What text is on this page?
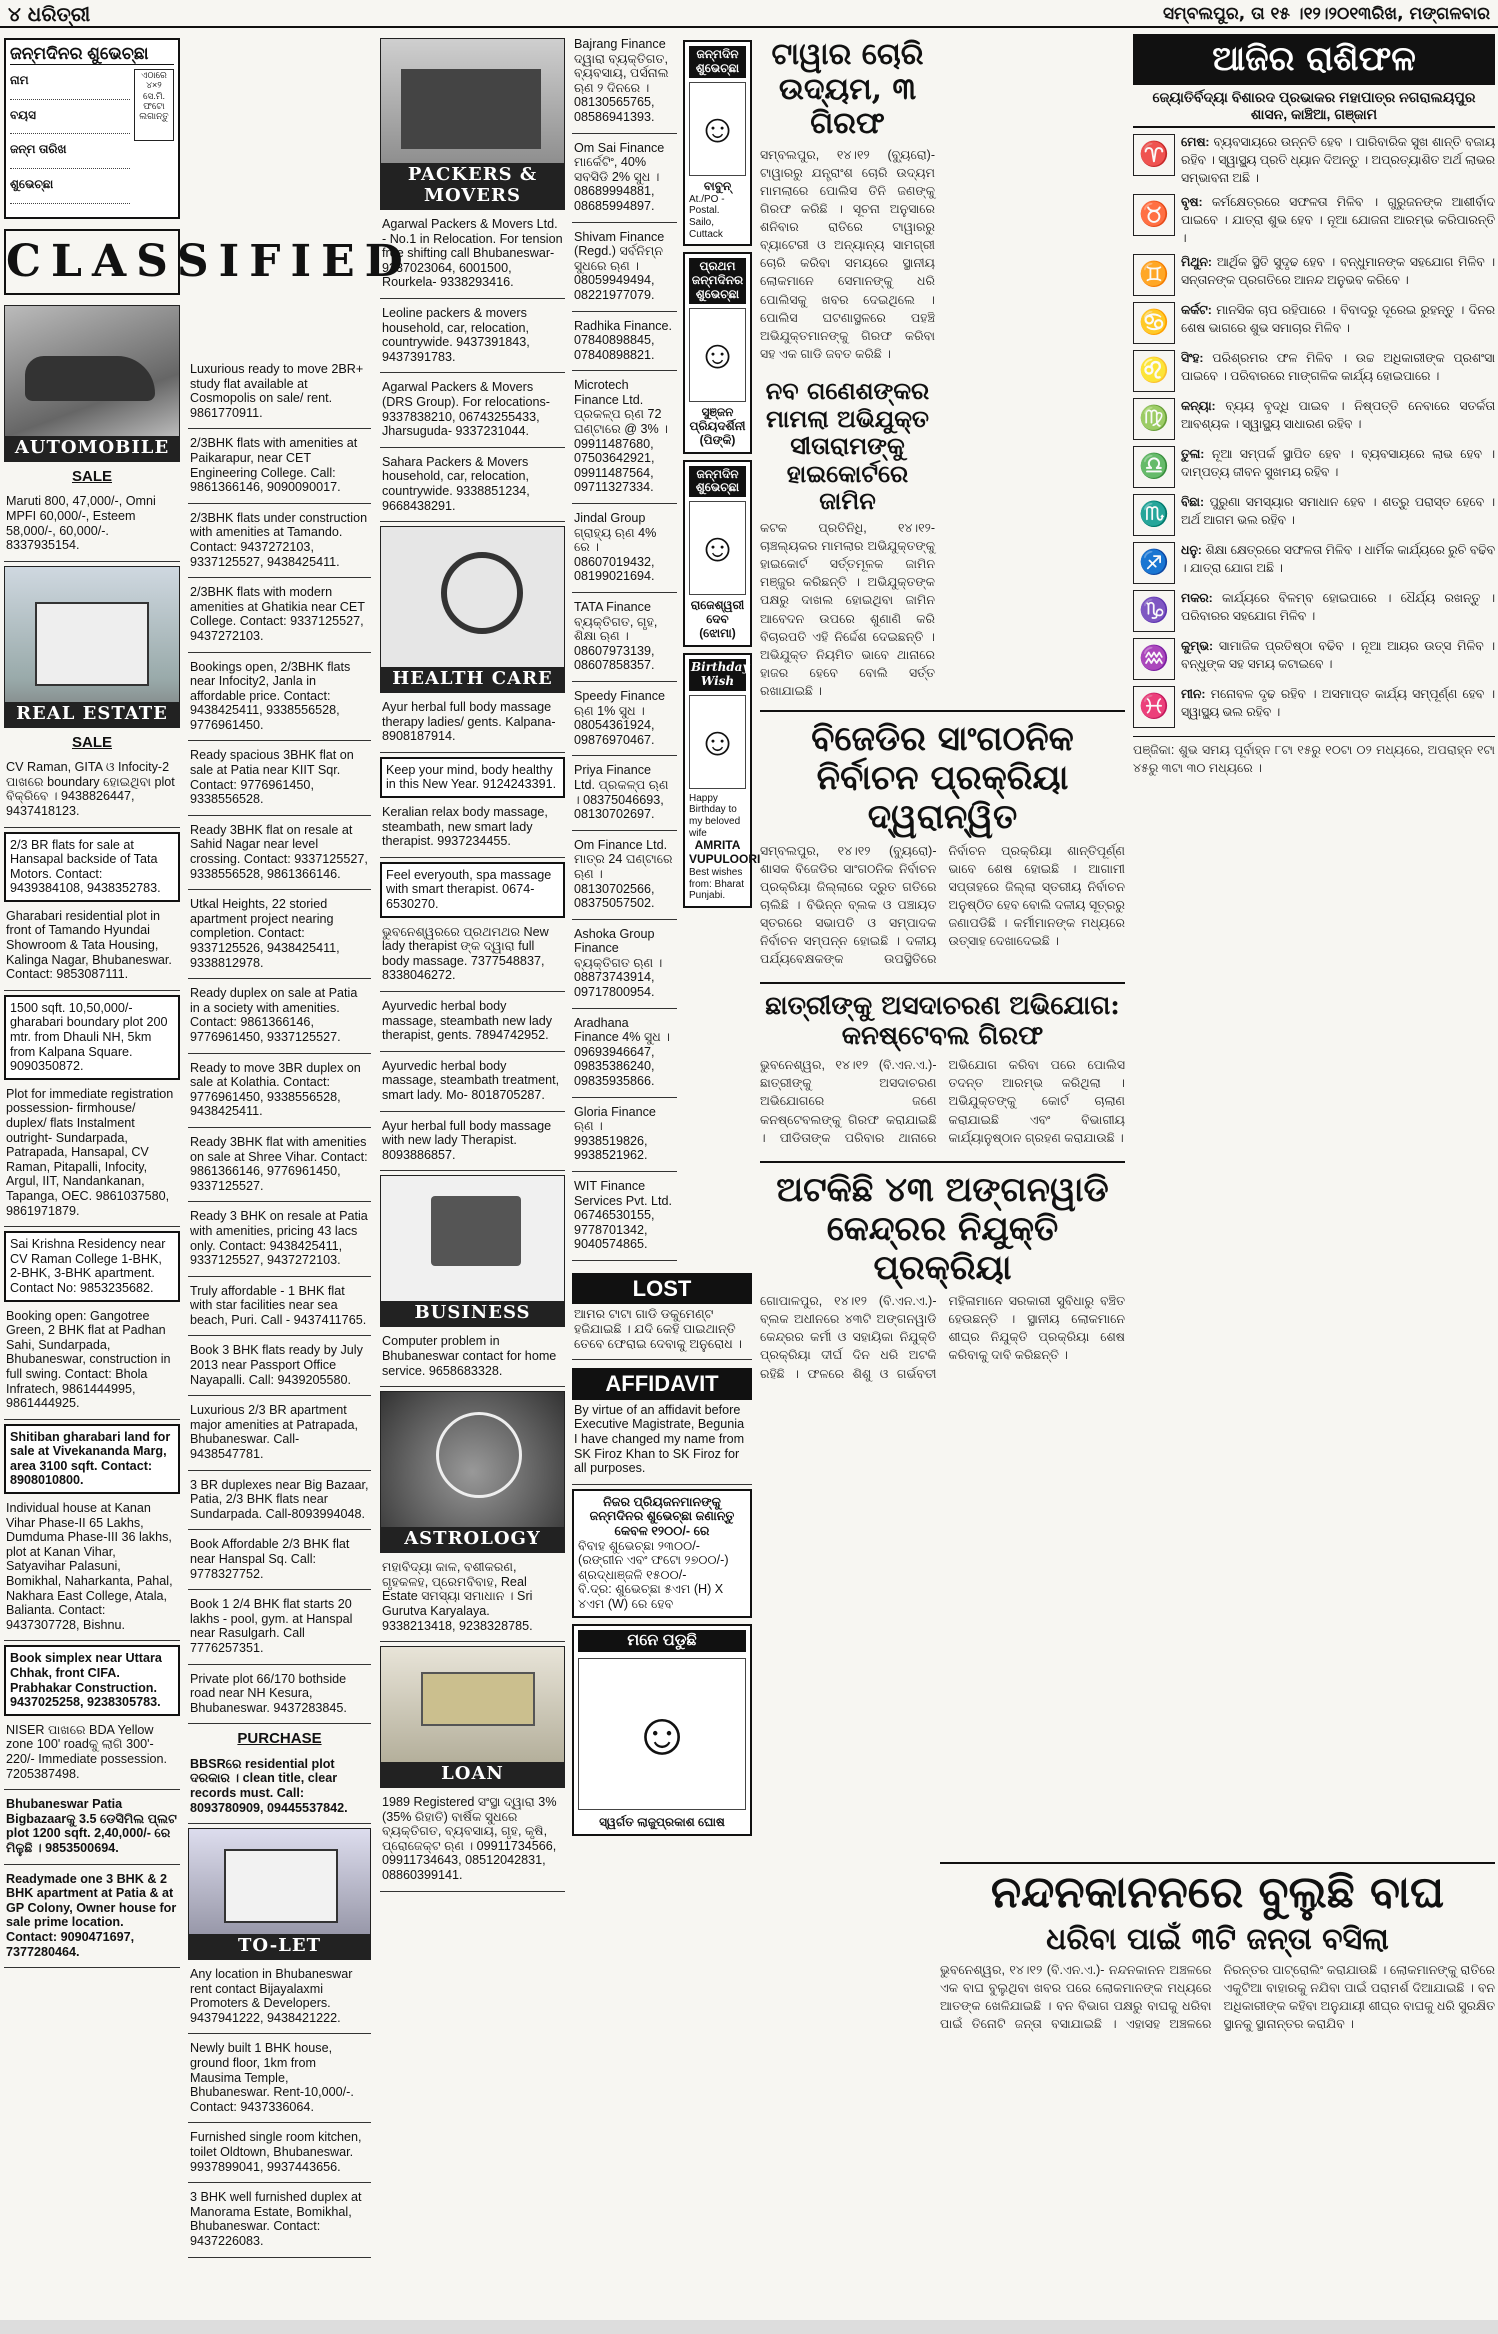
୪ ଧରିତ୍ରୀ	ସମ୍ବଲପୁର, ତା ୧୫ ।୧୨।୨୦୧୩ରିଖ, ମଙ୍ଗଳବାର
ଜନ୍ମଦିନର ଶୁଭେଚ୍ଛା
ନାମ
ବୟସ
ଜନ୍ମ ତାରିଖ
ଶୁଭେଚ୍ଛା
ଏଠାରେ ୪×୨ ସେ.ମି. ଫଟୋ ଲଗାନ୍ତୁ
CLASSIFIED
AUTOMOBILE
SALE
Maruti 800, 47,000/-, Omni MPFI 60,000/-, Esteem 58,000/-, 60,000/-. 8337935154.
REAL ESTATE
SALE
CV Raman, GITA ଓ Infocity-2 ପାଖରେ boundary ହୋଇଥିବା plot ବିକ୍ରିବେ । 9438826447, 9437418123.
2/3 BR flats for sale at Hansapal backside of Tata Motors. Contact: 9439384108, 9438352783.
Gharabari residential plot in front of Tamando Hyundai Showroom & Tata Housing, Kalinga Nagar, Bhubaneswar. Contact: 9853087111.
1500 sqft. 10,50,000/- gharabari boundary plot 200 mtr. from Dhauli NH, 5km from Kalpana Square. 9090350872.
Plot for immediate registration possession- firmhouse/ duplex/ flats Instalment outright- Sundarpada, Patrapada, Hansapal, CV Raman, Pitapalli, Infocity, Argul, IIT, Nandankanan, Tapanga, OEC. 9861037580, 9861971879.
Sai Krishna Residency near CV Raman College 1-BHK, 2-BHK, 3-BHK apartment. Contact No: 9853235682.
Booking open: Gangotree Green, 2 BHK flat at Padhan Sahi, Sundarpada, Bhubaneswar, construction in full swing. Contact: Bhola Infratech, 9861444995, 9861444925.
Shitiban gharabari land for sale at Vivekananda Marg, area 3100 sqft. Contact: 8908010800.
Individual house at Kanan Vihar Phase-II 65 Lakhs, Dumduma Phase-III 36 lakhs, plot at Kanan Vihar, Satyavihar Palasuni, Bomikhal, Naharkanta, Pahal, Nakhara East College, Atala, Balianta. Contact: 9437307728, Bishnu.
Book simplex near Uttara Chhak, front CIFA. Prabhakar Construction. 9437025258, 9238305783.
NISER ପାଖରେ BDA Yellow zone 100' roadକୁ ଲାଗି 300'- 220/- Immediate possession. 7205387498.
Bhubaneswar Patia Bigbazaarକୁ 3.5 ଡେସିମିଲ ପ୍ଲଟ plot 1200 sqft. 2,40,000/- ରେ ମିଳୁଛି । 9853500694.
Readymade one 3 BHK & 2 BHK apartment at Patia & at GP Colony, Owner house for sale prime location. Contact: 9090471697, 7377280464.
Luxurious ready to move 2BR+ study flat available at Cosmopolis on sale/ rent. 9861770911.
2/3BHK flats with amenities at Paikarapur, near CET Engineering College. Call: 9861366146, 9090090017.
2/3BHK flats under construction with amenities at Tamando. Contact: 9437272103, 9337125527, 9438425411.
2/3BHK flats with modern amenities at Ghatikia near CET College. Contact: 9337125527, 9437272103.
Bookings open, 2/3BHK flats near Infocity2, Janla in affordable price. Contact: 9438425411, 9338556528, 9776961450.
Ready spacious 3BHK flat on sale at Patia near KIIT Sqr. Contact: 9776961450, 9338556528.
Ready 3BHK flat on resale at Sahid Nagar near level crossing. Contact: 9337125527, 9338556528, 9861366146.
Utkal Heights, 22 storied apartment project nearing completion. Contact: 9337125526, 9438425411, 9338812978.
Ready duplex on sale at Patia in a society with amenities. Contact: 9861366146, 9776961450, 9337125527.
Ready to move 3BR duplex on sale at Kolathia. Contact: 9776961450, 9338556528, 9438425411.
Ready 3BHK flat with amenities on sale at Shree Vihar. Contact: 9861366146, 9776961450, 9337125527.
Ready 3 BHK on resale at Patia with amenities, pricing 43 lacs only. Contact: 9438425411, 9337125527, 9437272103.
Truly affordable - 1 BHK flat with star facilities near sea beach, Puri. Call - 9437411765.
Book 3 BHK flats ready by July 2013 near Passport Office Nayapalli. Call: 9439205580.
Luxurious 2/3 BR apartment major amenities at Patrapada, Bhubaneswar. Call-9438547781.
3 BR duplexes near Big Bazaar, Patia, 2/3 BHK flats near Sundarpada. Call-8093994048.
Book Affordable 2/3 BHK flat near Hanspal Sq. Call: 9778327752.
Book 1 2/4 BHK flat starts 20 lakhs - pool, gym. at Hanspal near Rasulgarh. Call 7776257351.
Private plot 66/170 bothside road near NH Kesura, Bhubaneswar. 9437283845.
PURCHASE
BBSRରେ residential plot ଦରକାର । clean title, clear records must. Call: 8093780909, 09445537842.
TO-LET
Any location in Bhubaneswar rent contact Bijayalaxmi Promoters & Developers. 9437941222, 9438421222.
Newly built 1 BHK house, ground floor, 1km from Mausima Temple, Bhubaneswar. Rent-10,000/-. Contact: 9437336064.
Furnished single room kitchen, toilet Oldtown, Bhubaneswar. 9937899041, 9937443656.
3 BHK well furnished duplex at Manorama Estate, Bomikhal, Bhubaneswar. Contact: 9437226083.
PACKERS & MOVERS
Agarwal Packers & Movers Ltd. - No.1 in Relocation. For tension free shifting call Bhubaneswar- 9337023064, 6001500, Rourkela- 9338293416.
Leoline packers & movers household, car, relocation, countrywide. 9437391843, 9437391783.
Agarwal Packers & Movers (DRS Group). For relocations- 9337838210, 06743255433, Jharsuguda- 9337231044.
Sahara Packers & Movers household, car, relocation, countrywide. 9338851234, 9668438291.
HEALTH CARE
Ayur herbal full body massage therapy ladies/ gents. Kalpana- 8908187914.
Keep your mind, body healthy in this New Year. 9124243391.
Keralian relax body massage, steambath, new smart lady therapist. 9937234455.
Feel everyouth, spa massage with smart therapist. 0674-6530270.
ଭୁବନେଶ୍ୱରରେ ପ୍ରଥମଥର New lady therapist ଙ୍କ ଦ୍ୱାରା full body massage. 7377548837, 8338046272.
Ayurvedic herbal body massage, steambath new lady therapist, gents. 7894742952.
Ayurvedic herbal body massage, steambath treatment, smart lady. Mo- 8018705287.
Ayur herbal full body massage with new lady Therapist. 8093886857.
BUSINESS
Computer problem in Bhubaneswar contact for home service. 9658683328.
ASTROLOGY
ମହାବିଦ୍ୟା କାଳ, ବଶୀକରଣ, ଗୃହକଳହ, ପ୍ରେମବିବାହ, Real Estate ସମସ୍ୟା ସମାଧାନ । Sri Gurutva Karyalaya. 9338213418, 9238328785.
LOAN
1989 Registered ସଂସ୍ଥା ଦ୍ୱାରା 3% (35% ରିହାତି) ବାର୍ଷିକ ସୁଧରେ ବ୍ୟକ୍ତିଗତ, ବ୍ୟବସାୟ, ଗୃହ, କୃଷି, ପ୍ରୋଜେକ୍ଟ ଋଣ । 09911734566, 09911734643, 08512042831, 08860399141.
Bajrang Finance ଦ୍ୱାରା ବ୍ୟକ୍ତିଗତ, ବ୍ୟବସାୟ, ପର୍ସନାଲ ଋଣ ୨ ଦିନରେ । 08130565765, 08586941393.
Om Sai Finance ମାର୍କେଟିଂ, 40% ସବସିଡି 2% ସୁଧ । 08689994881, 08685994897.
Shivam Finance (Regd.) ସର୍ବନିମ୍ନ ସୁଧରେ ଋଣ । 08059949494, 08221977079.
Radhika Finance. 07840898845, 07840898821.
Microtech Finance Ltd. ପ୍ରକଳ୍ପ ଋଣ 72 ଘଣ୍ଟାରେ @ 3% । 09911487680, 07503642921, 09911487564, 09711327334.
Jindal Group ଗ୍ରାହ୍ୟ ଋଣ 4% ରେ । 08607019432, 08199021694.
TATA Finance ବ୍ୟକ୍ତିଗତ, ଗୃହ, ଶିକ୍ଷା ଋଣ । 08607973139, 08607858357.
Speedy Finance ଋଣ 1% ସୁଧ । 08054361924, 09876970467.
Priya Finance Ltd. ପ୍ରକଳ୍ପ ଋଣ । 08375046693, 08130702697.
Om Finance Ltd. ମାତ୍ର 24 ଘଣ୍ଟାରେ ଋଣ । 08130702566, 08375057502.
Ashoka Group Finance ବ୍ୟକ୍ତିଗତ ଋଣ । 08873743914, 09717800954.
Aradhana Finance 4% ସୁଧ । 09693946647, 09835386240, 09835935866.
Gloria Finance ଋଣ । 9938519826, 9938521962.
WIT Finance Services Pvt. Ltd. 06746530155, 9778701342, 9040574865.
ଜନ୍ମଦିନ ଶୁଭେଚ୍ଛା
☺
ବାବୁନ୍
At./PO - Postal. Sailo, Cuttack
ପ୍ରଥମ ଜନ୍ମଦିନର ଶୁଭେଚ୍ଛା
☺
ସୁଞ୍ଜନ ପ୍ରିୟଦର୍ଶିନୀ (ପିଙ୍କି)
ଜନ୍ମଦିନ ଶୁଭେଚ୍ଛା
☺
ରାଜେଶ୍ୱରୀ ଦେବ (ଝୋମା)
Birthday Wish
☺
Happy Birthday to my beloved wife
AMRITA VUPULOORI
Best wishes from: Bharat Punjabi.
LOST
ଆମର ଟାଟା ଗାଡି ଡକୁମେଣ୍ଟ ହଜିଯାଇଛି । ଯଦି କେହି ପାଇଥାନ୍ତି ତେବେ ଫେରାଇ ଦେବାକୁ ଅନୁରୋଧ ।
AFFIDAVIT
By virtue of an affidavit before Executive Magistrate, Begunia I have changed my name from SK Firoz Khan to SK Firoz for all purposes.
ନିଜର ପ୍ରିୟଜନମାନଙ୍କୁ ଜନ୍ମଦିନର ଶୁଭେଚ୍ଛା ଜଣାନ୍ତୁ କେବଳ ୧୨୦୦/- ରେ
ବିବାହ ଶୁଭେଚ୍ଛା ୨୩୦୦/-
(ରଙ୍ଗୀନ ଏବଂ ଫଟୋ ୨୭୦୦/-)
ଶ୍ରଦ୍ଧାଞ୍ଜଳି ୧୫୦୦/-
ବି.ଦ୍ର: ଶୁଭେଚ୍ଛା ୫ଏମ (H) X ୪ଏମ (W) ରେ ହେବ
ମନେ ପଡୁଛି
☺
ସ୍ୱର୍ଗତ ଲାଜୁପ୍ରକାଶ ଘୋଷ
ଟାୱାର ଚୋରି ଉଦ୍ୟମ, ୩ ଗିରଫ
ସମ୍ବଲପୁର, ୧୪।୧୨ (ବ୍ୟୁରୋ)- ଟାୱାରରୁ ଯନ୍ତ୍ରାଂଶ ଚୋରି ଉଦ୍ୟମ ମାମଲାରେ ପୋଲିସ ତିନି ଜଣଙ୍କୁ ଗିରଫ କରିଛି । ସୂଚନା ଅନୁସାରେ ଶନିବାର ରାତିରେ ଟାୱାରରୁ ବ୍ୟାଟେରୀ ଓ ଅନ୍ୟାନ୍ୟ ସାମଗ୍ରୀ ଚୋରି କରିବା ସମୟରେ ସ୍ଥାନୀୟ ଲୋକମାନେ ସେମାନଙ୍କୁ ଧରି ପୋଲିସକୁ ଖବର ଦେଇଥିଲେ । ପୋଲିସ ଘଟଣାସ୍ଥଳରେ ପହଞ୍ଚି ଅଭିଯୁକ୍ତମାନଙ୍କୁ ଗିରଫ କରିବା ସହ ଏକ ଗାଡି ଜବତ କରିଛି ।
ନବ ଗଣେଶଙ୍କର ମାମଲା ଅଭିଯୁକ୍ତ ସୀତାରାମଙ୍କୁ ହାଇକୋର୍ଟରେ ଜାମିନ
କଟକ ପ୍ରତିନିଧି, ୧୪।୧୨- ଚାଞ୍ଚଲ୍ୟକର ମାମଲାର ଅଭିଯୁକ୍ତଙ୍କୁ ହାଇକୋର୍ଟ ସର୍ତ୍ତମୂଳକ ଜାମିନ ମଞ୍ଜୁର କରିଛନ୍ତି । ଅଭିଯୁକ୍ତଙ୍କ ପକ୍ଷରୁ ଦାଖଲ ହୋଇଥିବା ଜାମିନ ଆବେଦନ ଉପରେ ଶୁଣାଣି କରି ବିଚାରପତି ଏହି ନିର୍ଦ୍ଦେଶ ଦେଇଛନ୍ତି । ଅଭିଯୁକ୍ତ ନିୟମିତ ଭାବେ ଥାନାରେ ହାଜର ହେବେ ବୋଲି ସର୍ତ୍ତ ରଖାଯାଇଛି ।
ବିଜେଡିର ସାଂଗଠନିକ ନିର୍ବାଚନ ପ୍ରକ୍ରିୟା ଦ୍ୱରାନ୍ୱିତ
ସମ୍ବଲପୁର, ୧୪।୧୨ (ବ୍ୟୁରୋ)- ଶାସକ ବିଜେଡିର ସାଂଗଠନିକ ନିର୍ବାଚନ ପ୍ରକ୍ରିୟା ଜିଲ୍ଲାରେ ଦ୍ରୁତ ଗତିରେ ଚାଲିଛି । ବିଭିନ୍ନ ବ୍ଲକ ଓ ପଞ୍ଚାୟତ ସ୍ତରରେ ସଭାପତି ଓ ସମ୍ପାଦକ ନିର୍ବାଚନ ସମ୍ପନ୍ନ ହୋଇଛି । ଦଳୀୟ ପର୍ଯ୍ୟବେକ୍ଷକଙ୍କ ଉପସ୍ଥିତିରେ ନିର୍ବାଚନ ପ୍ରକ୍ରିୟା ଶାନ୍ତିପୂର୍ଣ୍ଣ ଭାବେ ଶେଷ ହୋଇଛି । ଆଗାମୀ ସପ୍ତାହରେ ଜିଲ୍ଲା ସ୍ତରୀୟ ନିର୍ବାଚନ ଅନୁଷ୍ଠିତ ହେବ ବୋଲି ଦଳୀୟ ସୂତ୍ରରୁ ଜଣାପଡିଛି । କର୍ମୀମାନଙ୍କ ମଧ୍ୟରେ ଉତ୍ସାହ ଦେଖାଦେଇଛି ।
ଛାତ୍ରୀଙ୍କୁ ଅସଦାଚରଣ ଅଭିଯୋଗ: କନଷ୍ଟେବଲ ଗିରଫ
ଭୁବନେଶ୍ୱର, ୧୪।୧୨ (ବି.ଏନ.ଏ.)- ଛାତ୍ରୀଙ୍କୁ ଅସଦାଚରଣ ଅଭିଯୋଗରେ ଜଣେ କନଷ୍ଟେବଲଙ୍କୁ ଗିରଫ କରାଯାଇଛି । ପୀଡିତାଙ୍କ ପରିବାର ଥାନାରେ ଅଭିଯୋଗ କରିବା ପରେ ପୋଲିସ ତଦନ୍ତ ଆରମ୍ଭ କରିଥିଲା । ଅଭିଯୁକ୍ତଙ୍କୁ କୋର୍ଟ ଚାଲାଣ କରାଯାଇଛି ଏବଂ ବିଭାଗୀୟ କାର୍ଯ୍ୟାନୁଷ୍ଠାନ ଗ୍ରହଣ କରାଯାଉଛି ।
ଅଟକିଛି ୪୩ ଅଙ୍ଗନୱାଡି କେନ୍ଦ୍ରର ନିଯୁକ୍ତି ପ୍ରକ୍ରିୟା
ଗୋପାଳପୁର, ୧୪।୧୨ (ବି.ଏନ.ଏ.)- ବ୍ଲକ ଅଧୀନରେ ୪୩ଟି ଅଙ୍ଗନୱାଡି କେନ୍ଦ୍ରର କର୍ମୀ ଓ ସହାୟିକା ନିଯୁକ୍ତି ପ୍ରକ୍ରିୟା ଦୀର୍ଘ ଦିନ ଧରି ଅଟକି ରହିଛି । ଫଳରେ ଶିଶୁ ଓ ଗର୍ଭବତୀ ମହିଳାମାନେ ସରକାରୀ ସୁବିଧାରୁ ବଞ୍ଚିତ ହେଉଛନ୍ତି । ସ୍ଥାନୀୟ ଲୋକମାନେ ଶୀଘ୍ର ନିଯୁକ୍ତି ପ୍ରକ୍ରିୟା ଶେଷ କରିବାକୁ ଦାବି କରିଛନ୍ତି ।
ଆଜିର ରାଶିଫଳ
ଜ୍ୟୋତିର୍ବିଦ୍ୟା ବିଶାରଦ ପ୍ରଭାକର ମହାପାତ୍ର ନଗରାଲୟପୁର ଶାସନ, କାଞ୍ଚିଆ, ଗଞ୍ଜାମ
♈ ମେଷ: ବ୍ୟବସାୟରେ ଉନ୍ନତି ହେବ । ପାରିବାରିକ ସୁଖ ଶାନ୍ତି ବଜାୟ ରହିବ । ସ୍ୱାସ୍ଥ୍ୟ ପ୍ରତି ଧ୍ୟାନ ଦିଅନ୍ତୁ । ଅପ୍ରତ୍ୟାଶିତ ଅର୍ଥ ଲାଭର ସମ୍ଭାବନା ଅଛି ।
♉ ବୃଷ: କର୍ମକ୍ଷେତ୍ରରେ ସଫଳତା ମିଳିବ । ଗୁରୁଜନଙ୍କ ଆଶୀର୍ବାଦ ପାଇବେ । ଯାତ୍ରା ଶୁଭ ହେବ । ନୂଆ ଯୋଜନା ଆରମ୍ଭ କରିପାରନ୍ତି ।
♊ ମିଥୁନ: ଆର୍ଥିକ ସ୍ଥିତି ସୁଦୃଢ ହେବ । ବନ୍ଧୁମାନଙ୍କ ସହଯୋଗ ମିଳିବ । ସନ୍ତାନଙ୍କ ପ୍ରଗତିରେ ଆନନ୍ଦ ଅନୁଭବ କରିବେ ।
♋ କର୍କଟ: ମାନସିକ ଚାପ ରହିପାରେ । ବିବାଦରୁ ଦୂରେଇ ରୁହନ୍ତୁ । ଦିନର ଶେଷ ଭାଗରେ ଶୁଭ ସମାଚାର ମିଳିବ ।
♌ ସିଂହ: ପରିଶ୍ରମର ଫଳ ମିଳିବ । ଉଚ୍ଚ ଅଧିକାରୀଙ୍କ ପ୍ରଶଂସା ପାଇବେ । ପରିବାରରେ ମାଙ୍ଗଳିକ କାର୍ଯ୍ୟ ହୋଇପାରେ ।
♍ କନ୍ୟା: ବ୍ୟୟ ବୃଦ୍ଧି ପାଇବ । ନିଷ୍ପତ୍ତି ନେବାରେ ସତର୍କତା ଆବଶ୍ୟକ । ସ୍ୱାସ୍ଥ୍ୟ ସାଧାରଣ ରହିବ ।
♎ ତୁଳା: ନୂଆ ସମ୍ପର୍କ ସ୍ଥାପିତ ହେବ । ବ୍ୟବସାୟରେ ଲାଭ ହେବ । ଦାମ୍ପତ୍ୟ ଜୀବନ ସୁଖମୟ ରହିବ ।
♏ ବିଛା: ପୁରୁଣା ସମସ୍ୟାର ସମାଧାନ ହେବ । ଶତ୍ରୁ ପରାସ୍ତ ହେବେ । ଅର୍ଥ ଆଗମ ଭଲ ରହିବ ।
♐ ଧନୁ: ଶିକ୍ଷା କ୍ଷେତ୍ରରେ ସଫଳତା ମିଳିବ । ଧାର୍ମିକ କାର୍ଯ୍ୟରେ ରୁଚି ବଢିବ । ଯାତ୍ରା ଯୋଗ ଅଛି ।
♑ ମକର: କାର୍ଯ୍ୟରେ ବିଳମ୍ବ ହୋଇପାରେ । ଧୈର୍ଯ୍ୟ ରଖନ୍ତୁ । ପରିବାରର ସହଯୋଗ ମିଳିବ ।
♒ କୁମ୍ଭ: ସାମାଜିକ ପ୍ରତିଷ୍ଠା ବଢିବ । ନୂଆ ଆୟର ଉତ୍ସ ମିଳିବ । ବନ୍ଧୁଙ୍କ ସହ ସମୟ କଟାଇବେ ।
♓ ମୀନ: ମନୋବଳ ଦୃଢ ରହିବ । ଅସମାପ୍ତ କାର୍ଯ୍ୟ ସମ୍ପୂର୍ଣ୍ଣ ହେବ । ସ୍ୱାସ୍ଥ୍ୟ ଭଲ ରହିବ ।
ପଞ୍ଜିକା: ଶୁଭ ସମୟ ପୂର୍ବାହ୍ନ ୮ଟା ୧୫ରୁ ୧୦ଟା ୦୨ ମଧ୍ୟରେ, ଅପରାହ୍ନ ୧ଟା ୪୫ରୁ ୩ଟା ୩୦ ମଧ୍ୟରେ ।
ନନ୍ଦନକାନନରେ ବୁଲୁଛି ବାଘ
ଧରିବା ପାଇଁ ୩ଟି ଜନ୍ତା ବସିଲା
ଭୁବନେଶ୍ୱର, ୧୪।୧୨ (ବି.ଏନ.ଏ.)- ନନ୍ଦନକାନନ ଅଞ୍ଚଳରେ ଏକ ବାଘ ବୁଲୁଥିବା ଖବର ପରେ ଲୋକମାନଙ୍କ ମଧ୍ୟରେ ଆତଙ୍କ ଖେଳିଯାଇଛି । ବନ ବିଭାଗ ପକ୍ଷରୁ ବାଘକୁ ଧରିବା ପାଇଁ ତିନୋଟି ଜନ୍ତା ବସାଯାଇଛି । ଏହାସହ ଅଞ୍ଚଳରେ ନିରନ୍ତର ପାଟ୍ରୋଲିଂ କରାଯାଉଛି । ଲୋକମାନଙ୍କୁ ରାତିରେ ଏକୁଟିଆ ବାହାରକୁ ନଯିବା ପାଇଁ ପରାମର୍ଶ ଦିଆଯାଇଛି । ବନ ଅଧିକାରୀଙ୍କ କହିବା ଅନୁଯାୟୀ ଶୀଘ୍ର ବାଘକୁ ଧରି ସୁରକ୍ଷିତ ସ୍ଥାନକୁ ସ୍ଥାନାନ୍ତର କରାଯିବ ।
